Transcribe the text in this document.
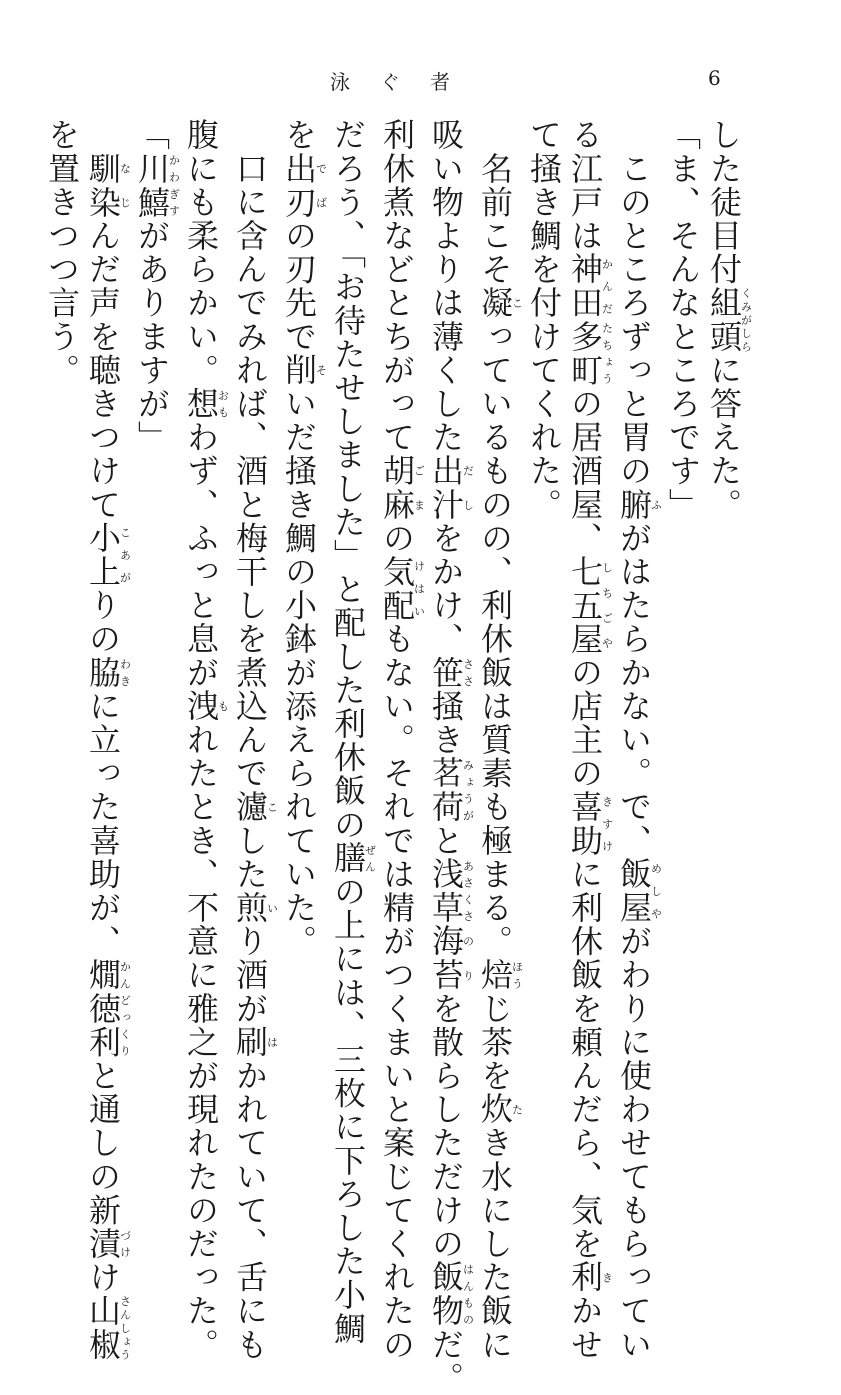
泳ぐ者	6
した徒目付組頭くみがしらに答えた。
「ま、そんなところです」
　このところずっと胃の腑ふがはたらかない。で、飯屋めしやがわりに使わせてもらってい
る江戸は神田かんだ多町たちょうの居酒屋、七五屋しちごやの店主の喜助きすけに利休飯を頼んだら、気を利きかせ
て掻き鯛を付けてくれた。
　名前こそ凝こっているものの、利休飯は質素も極まる。焙ほうじ茶を炊たき水にした飯に
吸い物よりは薄くした出汁だしをかけ、笹ささ掻き茗荷みょうがと浅草あさくさ海苔のりを散らしただけの飯物はんものだ。
利休煮などとちがって胡麻ごまの気配けはいもない。それでは精がつくまいと案じてくれたの
だろう、「お待たせしました」と配した利休飯の膳ぜんの上には、三枚に下ろした小鯛
を出刃でばの刃先で削そいだ掻き鯛の小鉢が添えられていた。
　口に含んでみれば、酒と梅干しを煮込んで濾こした煎いり酒が刷はかれていて、舌にも
腹にも柔らかい。想おもわず、ふっと息が洩もれたとき、不意に雅之が現れたのだった。
「川鱚かわぎすがありますが」
　馴染なじんだ声を聴きつけて小上こあがりの脇わきに立った喜助が、燗徳利かんどっくりと通しの新漬づけけ山椒さんしょう
を置きつつ言う。
